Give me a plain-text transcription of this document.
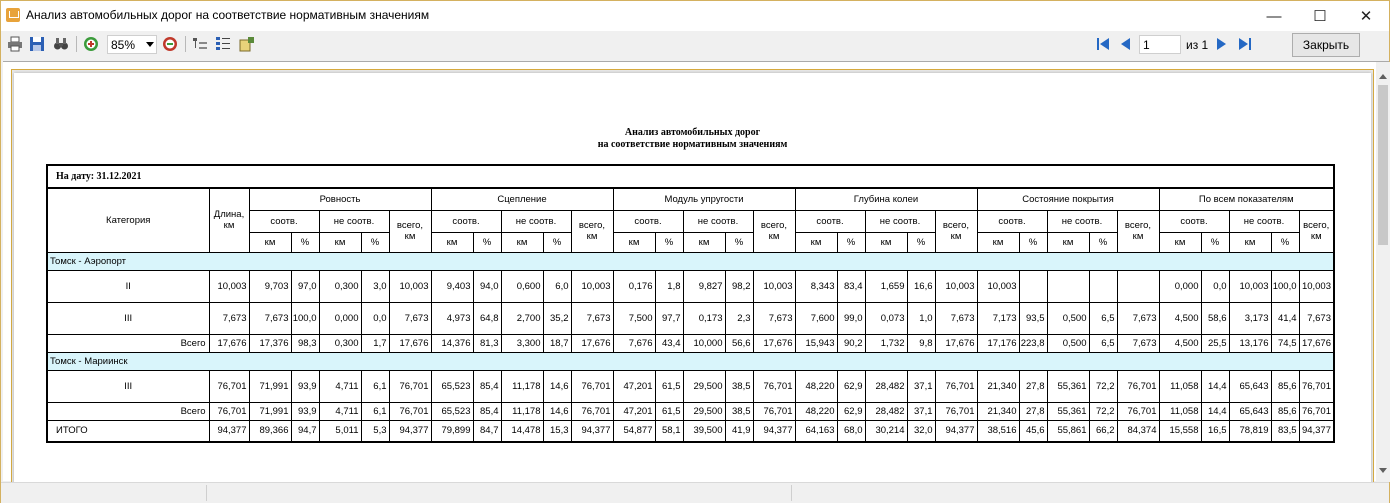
Анализ автомобильных дорог на соответствие нормативным значениям	—	☐	✕
85%	1	из 1	Закрыть
Анализ автомобильных дорог
на соответствие нормативным значениям
На дату: 31.12.2021																															
Категория	Длина, км	Ровность					Сцепление					Модуль упругости					Глубина колеи					Состояние покрытия					По всем показателям				
		соотв.		не соотв.		всего, км	соотв.		не соотв.		всего, км	соотв.		не соотв.		всего, км	соотв.		не соотв.		всего, км	соотв.		не соотв.		всего, км	соотв.		не соотв.		всего, км
		км	%	км	%		км	%	км	%		км	%	км	%		км	%	км	%		км	%	км	%		км	%	км	%	
Томск - Аэропорт																															
II	10,003	9,703	97,0	0,300	3,0	10,003	9,403	94,0	0,600	6,0	10,003	0,176	1,8	9,827	98,2	10,003	8,343	83,4	1,659	16,6	10,003	10,003					0,000	0,0	10,003	100,0	10,003
III	7,673	7,673	100,0	0,000	0,0	7,673	4,973	64,8	2,700	35,2	7,673	7,500	97,7	0,173	2,3	7,673	7,600	99,0	0,073	1,0	7,673	7,173	93,5	0,500	6,5	7,673	4,500	58,6	3,173	41,4	7,673
Всего	17,676	17,376	98,3	0,300	1,7	17,676	14,376	81,3	3,300	18,7	17,676	7,676	43,4	10,000	56,6	17,676	15,943	90,2	1,732	9,8	17,676	17,176	223,8	0,500	6,5	7,673	4,500	25,5	13,176	74,5	17,676
Томск - Мариинск																															
III	76,701	71,991	93,9	4,711	6,1	76,701	65,523	85,4	11,178	14,6	76,701	47,201	61,5	29,500	38,5	76,701	48,220	62,9	28,482	37,1	76,701	21,340	27,8	55,361	72,2	76,701	11,058	14,4	65,643	85,6	76,701
Всего	76,701	71,991	93,9	4,711	6,1	76,701	65,523	85,4	11,178	14,6	76,701	47,201	61,5	29,500	38,5	76,701	48,220	62,9	28,482	37,1	76,701	21,340	27,8	55,361	72,2	76,701	11,058	14,4	65,643	85,6	76,701
ИТОГО	94,377	89,366	94,7	5,011	5,3	94,377	79,899	84,7	14,478	15,3	94,377	54,877	58,1	39,500	41,9	94,377	64,163	68,0	30,214	32,0	94,377	38,516	45,6	55,861	66,2	84,374	15,558	16,5	78,819	83,5	94,377
